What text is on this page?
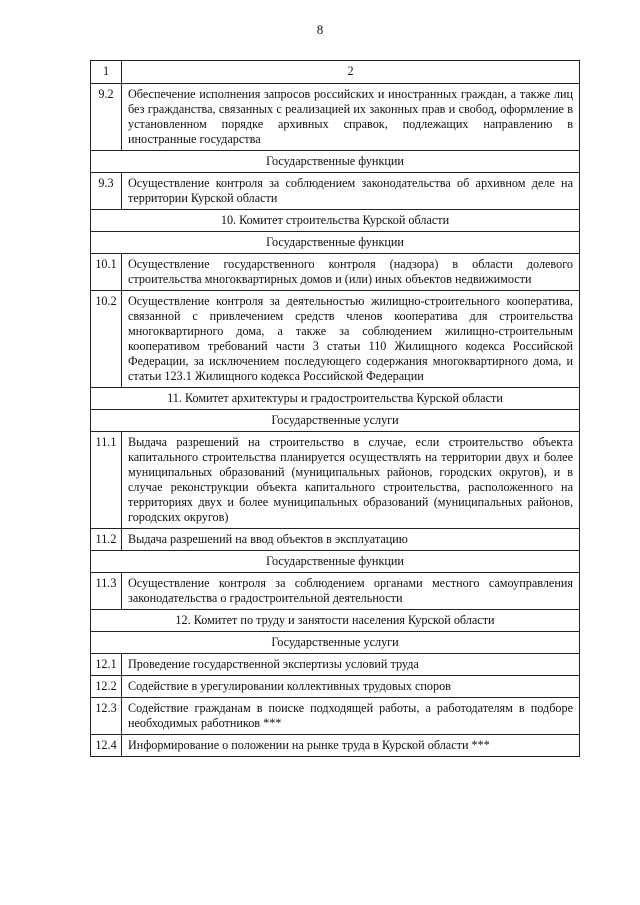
8
1	2
9.2	Обеспечение исполнения запросов российских и иностранных граждан, а также лиц без гражданства, связанных с реализацией их законных прав и свобод, оформление в установленном порядке архивных справок, подлежащих направлению в иностранные государства
Государственные функции	
9.3	Осуществление контроля за соблюдением законодательства об архивном деле на территории Курской области
10. Комитет строительства Курской области	
Государственные функции	
10.1	Осуществление государственного контроля (надзора) в области долевого строительства многоквартирных домов и (или) иных объектов недвижимости
10.2	Осуществление контроля за деятельностью жилищно-строительного кооператива, связанной с привлечением средств членов кооператива для строительства многоквартирного дома, а также за соблюдением жилищно-строительным кооперативом требований части 3 статьи 110 Жилищного кодекса Российской Федерации, за исключением последующего содержания многоквартирного дома, и статьи 123.1 Жилищного кодекса Российской Федерации
11. Комитет архитектуры и градостроительства Курской области	
Государственные услуги	
11.1	Выдача разрешений на строительство в случае, если строительство объекта капитального строительства планируется осуществлять на территории двух и более муниципальных образований (муниципальных районов, городских округов), и в случае реконструкции объекта капитального строительства, расположенного на территориях двух и более муниципальных образований (муниципальных районов, городских округов)
11.2	Выдача разрешений на ввод объектов в эксплуатацию
Государственные функции	
11.3	Осуществление контроля за соблюдением органами местного самоуправления законодательства о градостроительной деятельности
12. Комитет по труду и занятости населения Курской области	
Государственные услуги	
12.1	Проведение государственной экспертизы условий труда
12.2	Содействие в урегулировании коллективных трудовых споров
12.3	Содействие гражданам в поиске подходящей работы, а работодателям в подборе необходимых работников ***
12.4	Информирование о положении на рынке труда в Курской области ***
